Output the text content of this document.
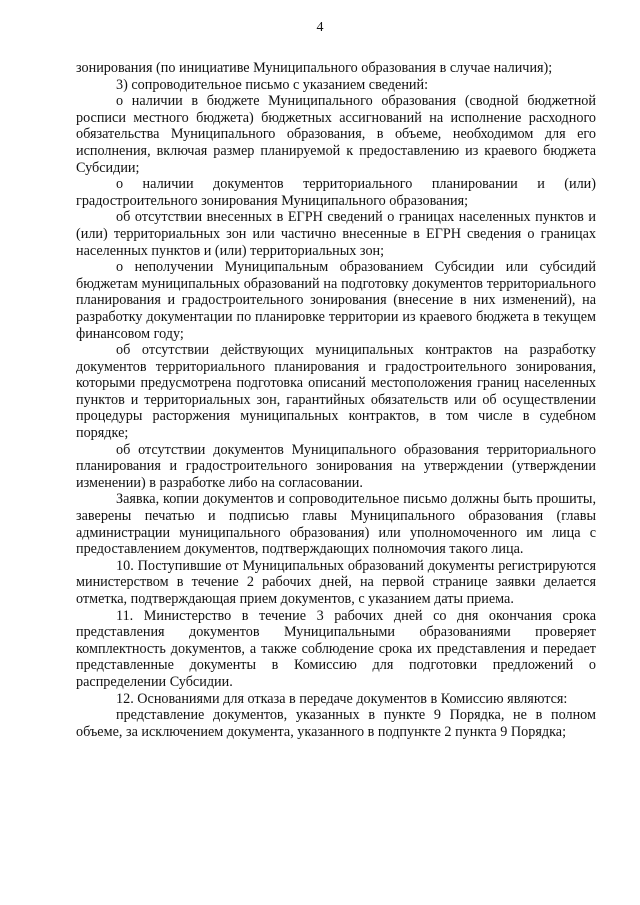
4

зонирования (по инициативе Муниципального образования в случае наличия);

3) сопроводительное письмо с указанием сведений:

о наличии в бюджете Муниципального образования (сводной бюджетной росписи местного бюджета) бюджетных ассигнований на исполнение расходного обязательства Муниципального образования, в объеме, необходимом для его исполнения, включая размер планируемой к предоставлению из краевого бюджета Субсидии;

о наличии документов территориального планировании и (или) градостроительного зонирования Муниципального образования;

об отсутствии внесенных в ЕГРН сведений о границах населенных пунктов и (или) территориальных зон или частично внесенные в ЕГРН сведения о границах населенных пунктов и (или) территориальных зон;

о неполучении Муниципальным образованием Субсидии или субсидий бюджетам муниципальных образований на подготовку документов территориального планирования и градостроительного зонирования (внесение в них изменений), на разработку документации по планировке территории из краевого бюджета в текущем финансовом году;

об отсутствии действующих муниципальных контрактов на разработку документов территориального планирования и градостроительного зонирования, которыми предусмотрена подготовка описаний местоположения границ населенных пунктов и территориальных зон, гарантийных обязательств или об осуществлении процедуры расторжения муниципальных контрактов, в том числе в судебном порядке;

об отсутствии документов Муниципального образования территориального планирования и градостроительного зонирования на утверждении (утверждении изменении) в разработке либо на согласовании.

Заявка, копии документов и сопроводительное письмо должны быть прошиты, заверены печатью и подписью главы Муниципального образования (главы администрации муниципального образования) или уполномоченного им лица с предоставлением документов, подтверждающих полномочия такого лица.

10. Поступившие от Муниципальных образований документы регистрируются министерством в течение 2 рабочих дней, на первой странице заявки делается отметка, подтверждающая прием документов, с указанием даты приема.

11. Министерство в течение 3 рабочих дней со дня окончания срока представления документов Муниципальными образованиями проверяет комплектность документов, а также соблюдение срока их представления и передает представленные документы в Комиссию для подготовки предложений о распределении Субсидии.

12. Основаниями для отказа в передаче документов в Комиссию являются:

представление документов, указанных в пункте 9 Порядка, не в полном объеме, за исключением документа, указанного в подпункте 2 пункта 9 Порядка;
